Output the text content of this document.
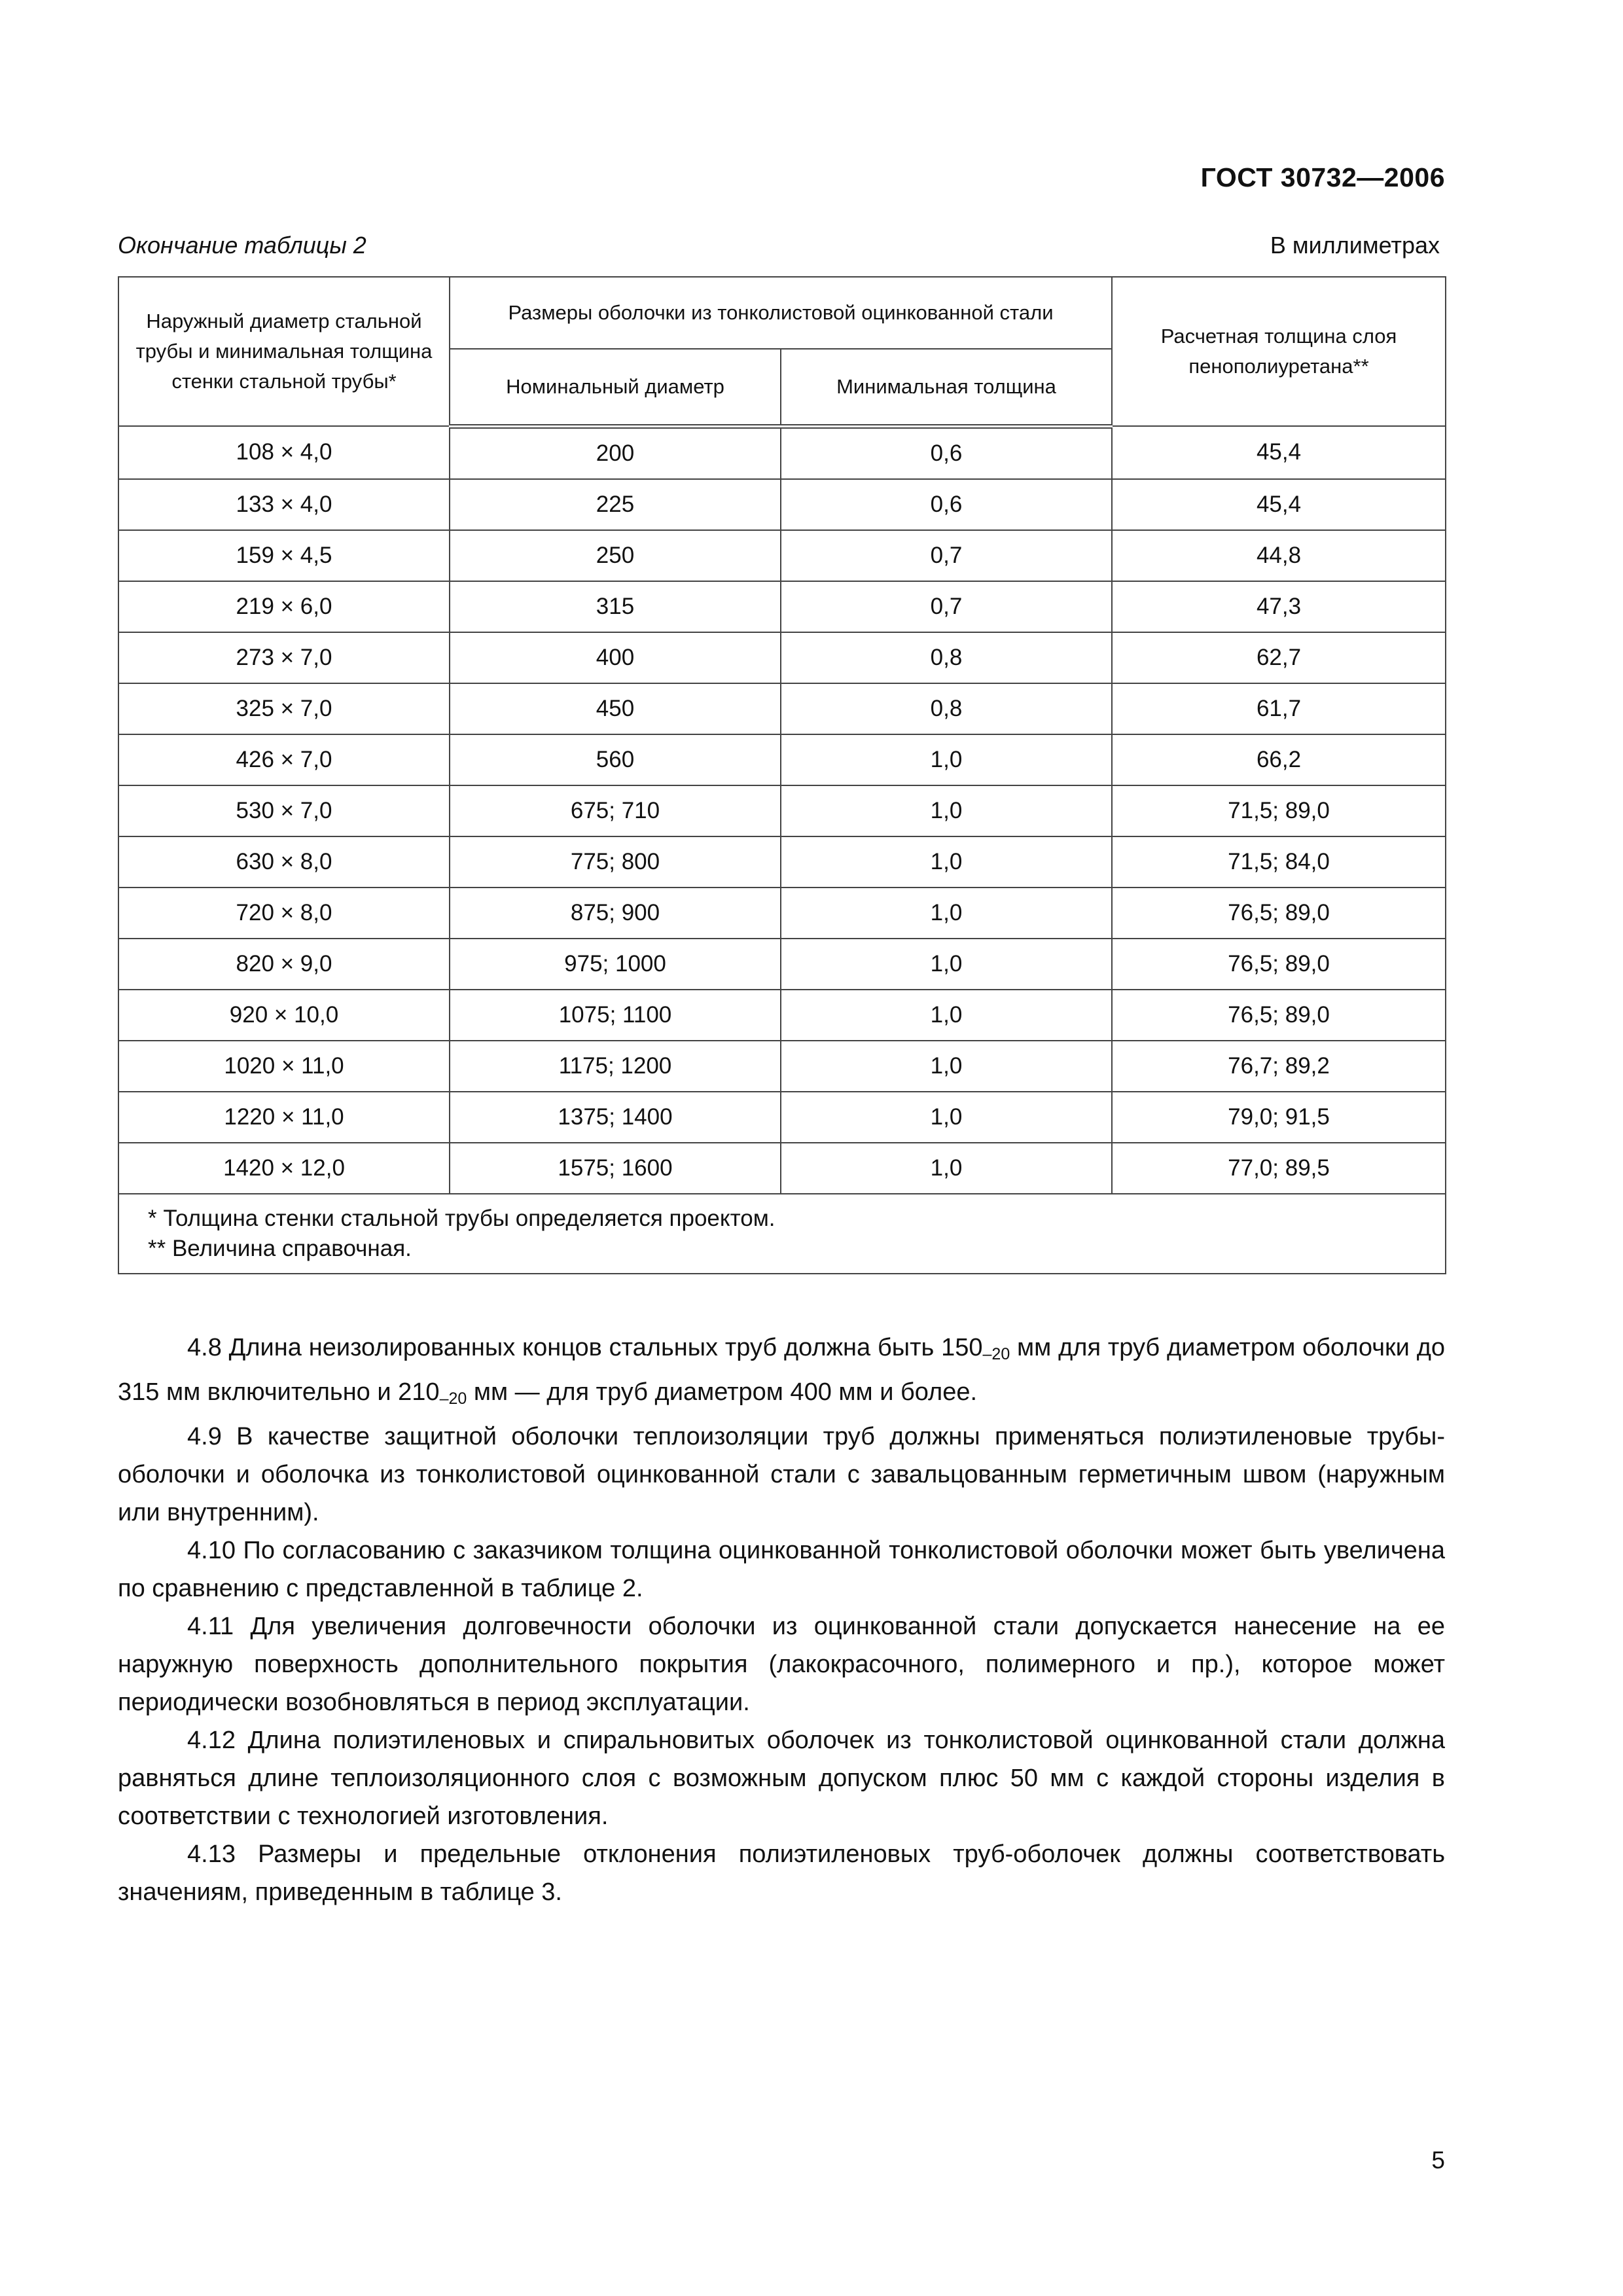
ГОСТ 30732—2006
Окончание таблицы 2	В миллиметрах
Наружный диаметр стальной трубы и минимальная толщина стенки стальной трубы*	Размеры оболочки из тонколистовой оцинкованной стали		Расчетная толщина слоя пенополиуретана**
	Номинальный диаметр	Минимальная толщина	
108 × 4,0	200	0,6	45,4
133 × 4,0	225	0,6	45,4
159 × 4,5	250	0,7	44,8
219 × 6,0	315	0,7	47,3
273 × 7,0	400	0,8	62,7
325 × 7,0	450	0,8	61,7
426 × 7,0	560	1,0	66,2
530 × 7,0	675; 710	1,0	71,5; 89,0
630 × 8,0	775; 800	1,0	71,5; 84,0
720 × 8,0	875; 900	1,0	76,5; 89,0
820 × 9,0	975; 1000	1,0	76,5; 89,0
920 × 10,0	1075; 1100	1,0	76,5; 89,0
1020 × 11,0	1175; 1200	1,0	76,7; 89,2
1220 × 11,0	1375; 1400	1,0	79,0; 91,5
1420 × 12,0	1575; 1600	1,0	77,0; 89,5

* Толщина стенки стальной трубы определяется проектом.
** Величина справочная.			

4.8 Длина неизолированных концов стальных труб должна быть $150_{-20}$ мм для труб диаметром оболочки до 315 мм включительно и $210_{-20}$ мм — для труб диаметром 400 мм и более.

4.9 В качестве защитной оболочки теплоизоляции труб должны применяться полиэтиленовые трубы-оболочки и оболочка из тонколистовой оцинкованной стали с завальцованным герметичным швом (наружным или внутренним).

4.10 По согласованию с заказчиком толщина оцинкованной тонколистовой оболочки может быть увеличена по сравнению с представленной в таблице 2.

4.11 Для увеличения долговечности оболочки из оцинкованной стали допускается нанесение на ее наружную поверхность дополнительного покрытия (лакокрасочного, полимерного и пр.), которое может периодически возобновляться в период эксплуатации.

4.12 Длина полиэтиленовых и спиральновитых оболочек из тонколистовой оцинкованной стали должна равняться длине теплоизоляционного слоя с возможным допуском плюс 50 мм с каждой стороны изделия в соответствии с технологией изготовления.

4.13 Размеры и предельные отклонения полиэтиленовых труб-оболочек должны соответствовать значениям, приведенным в таблице 3.

5
